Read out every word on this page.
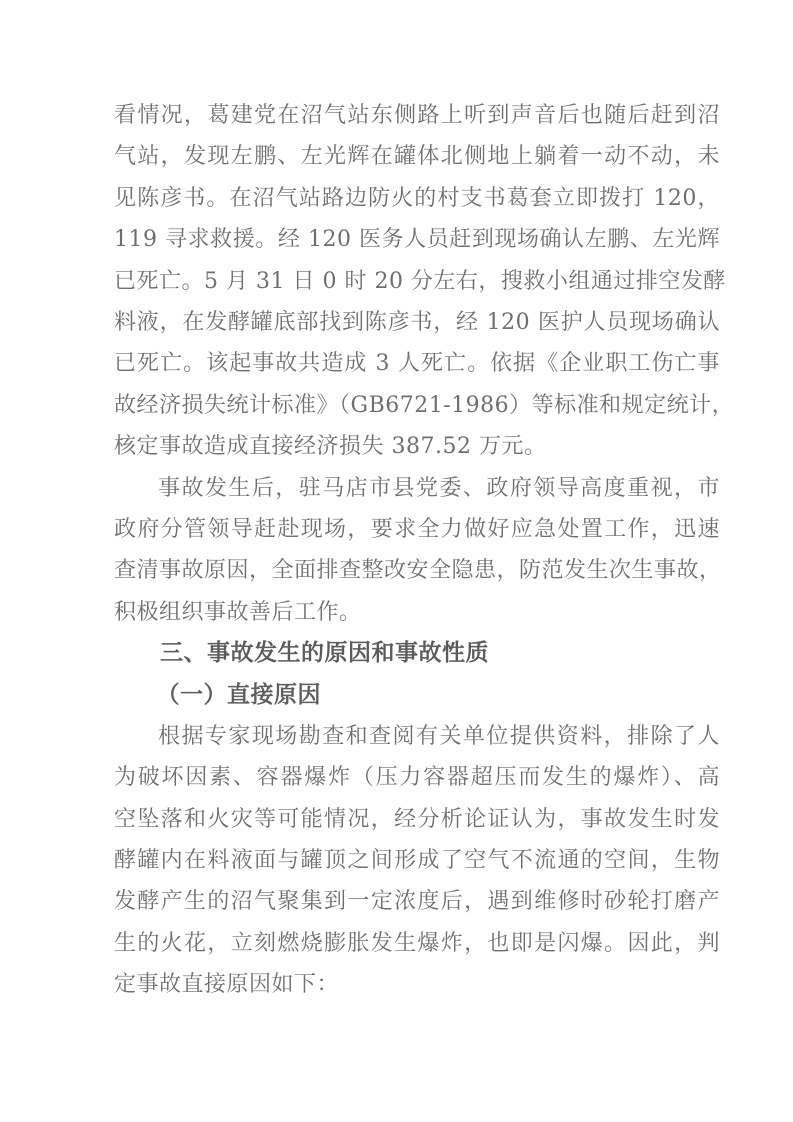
看情况，葛建党在沼气站东侧路上听到声音后也随后赶到沼
气站，发现左鹏、左光辉在罐体北侧地上躺着一动不动，未
见陈彦书。在沼气站路边防火的村支书葛套立即拨打 120，
119 寻求救援。经 120 医务人员赶到现场确认左鹏、左光辉
已死亡。5 月 31 日 0 时 20 分左右，搜救小组通过排空发酵
料液，在发酵罐底部找到陈彦书，经 120 医护人员现场确认
已死亡。该起事故共造成 3 人死亡。依据《企业职工伤亡事
故经济损失统计标准》（GB6721-1986）等标准和规定统计，
核定事故造成直接经济损失 387.52 万元。
事故发生后，驻马店市县党委、政府领导高度重视，市
政府分管领导赶赴现场，要求全力做好应急处置工作，迅速
查清事故原因，全面排查整改安全隐患，防范发生次生事故，
积极组织事故善后工作。
三、事故发生的原因和事故性质
（一）直接原因
根据专家现场勘查和查阅有关单位提供资料，排除了人
为破坏因素、容器爆炸（压力容器超压而发生的爆炸）、高
空坠落和火灾等可能情况，经分析论证认为，事故发生时发
酵罐内在料液面与罐顶之间形成了空气不流通的空间，生物
发酵产生的沼气聚集到一定浓度后，遇到维修时砂轮打磨产
生的火花，立刻燃烧膨胀发生爆炸，也即是闪爆。因此，判
定事故直接原因如下：
